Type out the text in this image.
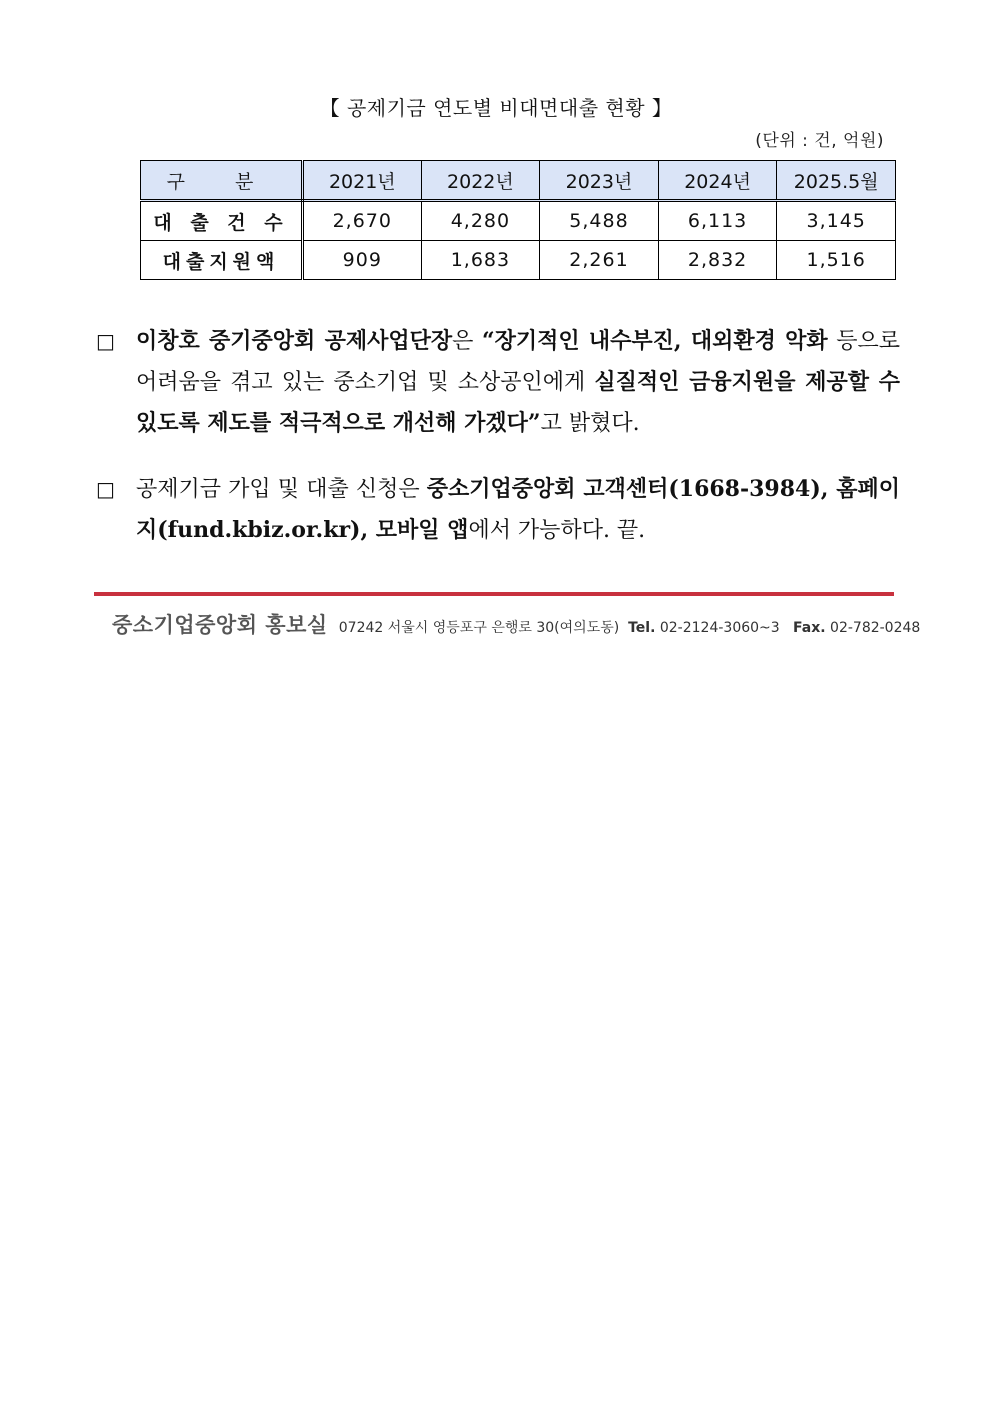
【 공제기금 연도별 비대면대출 현황 】
(단위 : 건, 억원)
구 분	2021년	2022년	2023년	2024년	2025.5월
대 출 건 수	2,670	4,280	5,488	6,113	3,145
대출지원액	909	1,683	2,261	2,832	1,516
□ 이창호 중기중앙회 공제사업단장은 “장기적인 내수부진, 대외환경 악화 등으로 어려움을 겪고 있는 중소기업 및 소상공인에게 실질적인 금융지원을 제공할 수 있도록 제도를 적극적으로 개선해 가겠다”고 밝혔다.
□ 공제기금 가입 및 대출 신청은 중소기업중앙회 고객센터(1668-3984), 홈페이지(fund.kbiz.or.kr), 모바일 앱에서 가능하다. 끝.
중소기업중앙회 홍보실 07242 서울시 영등포구 은행로 30(여의도동) Tel. 02-2124-3060~3 Fax. 02-782-0248
